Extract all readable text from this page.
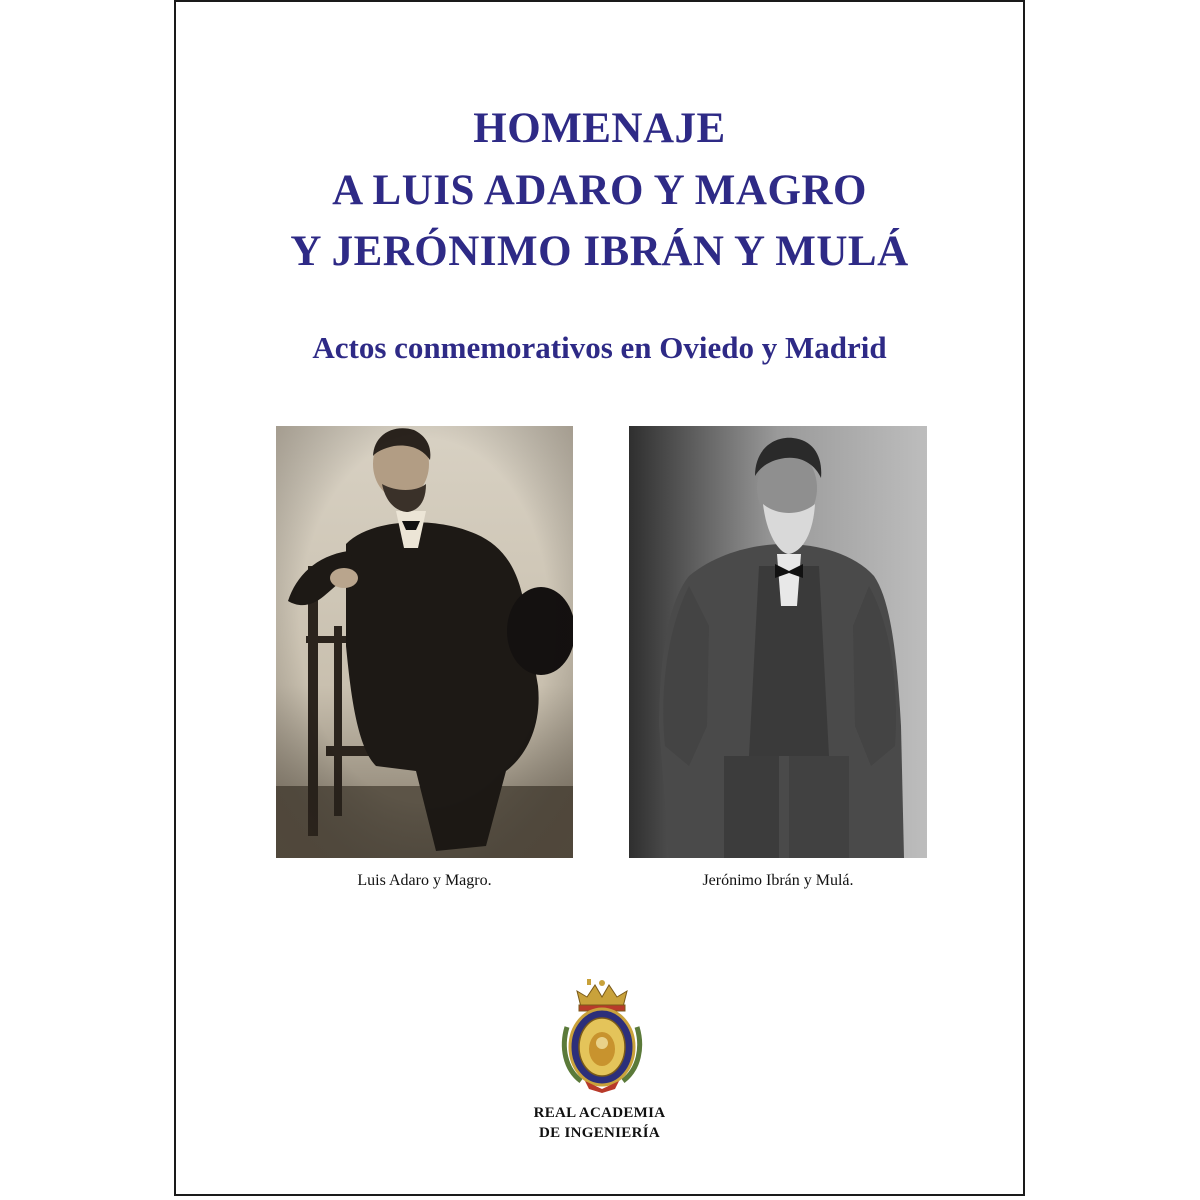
HOMENAJE
A LUIS ADARO Y MAGRO
Y JERÓNIMO IBRÁN Y MULÁ
Actos conmemorativos en Oviedo y Madrid
Luis Adaro y Magro.	Jerónimo Ibrán y Mulá.
REAL ACADEMIA
DE INGENIERÍA
